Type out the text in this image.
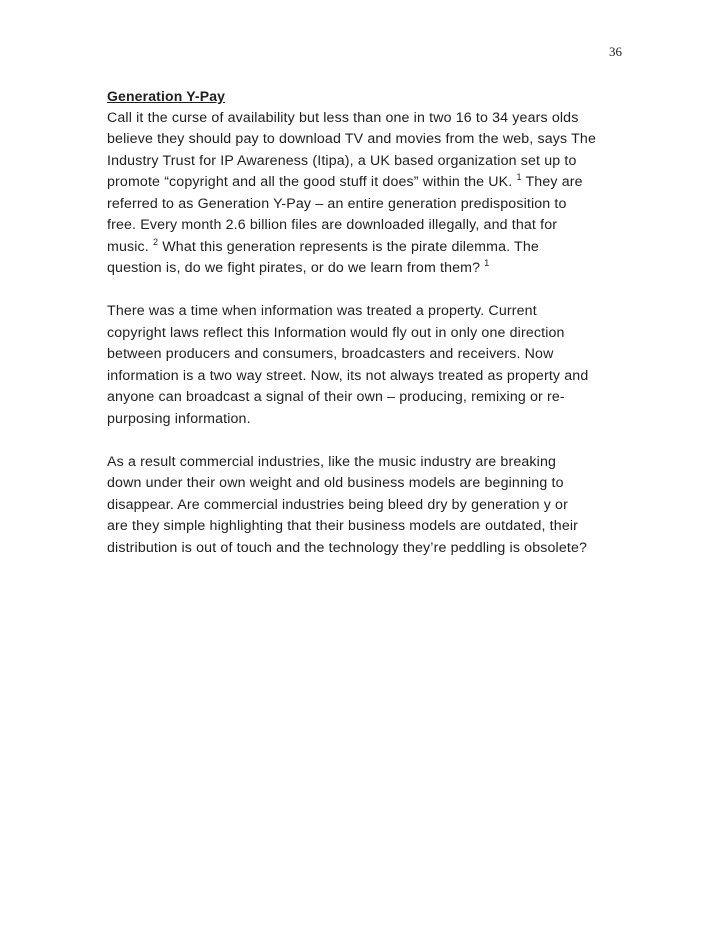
36

Generation Y-Pay

Call it the curse of availability but less than one in two 16 to 34 years olds
believe they should pay to download TV and movies from the web, says The
Industry Trust for IP Awareness (Itipa), a UK based organization set up to
promote “copyright and all the good stuff it does” within the UK. $^1$ They are
referred to as Generation Y-Pay – an entire generation predisposition to
free. Every month 2.6 billion files are downloaded illegally, and that for
music. $^2$ What this generation represents is the pirate dilemma. The
question is, do we fight pirates, or do we learn from them? $^1$

There was a time when information was treated a property. Current
copyright laws reflect this Information would fly out in only one direction
between producers and consumers, broadcasters and receivers. Now
information is a two way street. Now, its not always treated as property and
anyone can broadcast a signal of their own – producing, remixing or re-
purposing information.

As a result commercial industries, like the music industry are breaking
down under their own weight and old business models are beginning to
disappear. Are commercial industries being bleed dry by generation y or
are they simple highlighting that their business models are outdated, their
distribution is out of touch and the technology they’re peddling is obsolete?
